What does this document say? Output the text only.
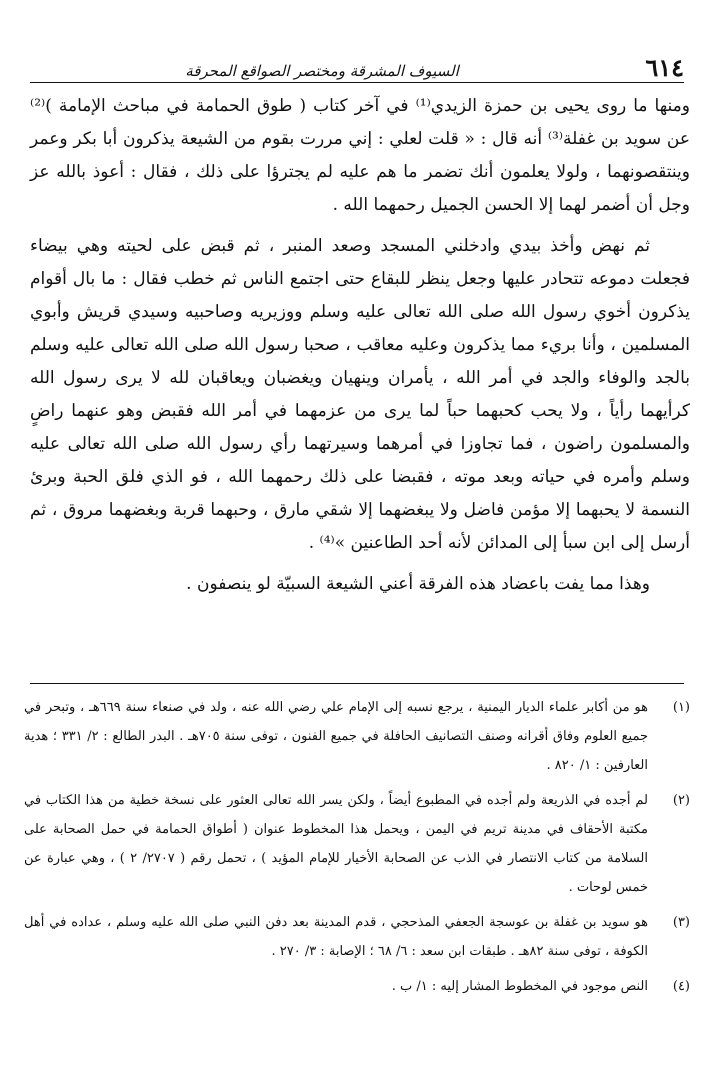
٦١٤
السيوف المشرقة ومختصر الصواقع المحرقة

ومنها ما روى يحيى بن حمزة الزيدي⁽¹⁾ في آخر كتاب ( طوق الحمامة في مباحث الإمامة )⁽²⁾ عن سويد بن غفلة⁽³⁾ أنه قال : « قلت لعلي : إني مررت بقوم من الشيعة يذكرون أبا بكر وعمر وينتقصونهما ، ولولا يعلمون أنك تضمر ما هم عليه لم يجترؤا على ذلك ، فقال : أعوذ بالله عز وجل أن أضمر لهما إلا الحسن الجميل رحمهما الله .

ثم نهض وأخذ بيدي وادخلني المسجد وصعد المنبر ، ثم قبض على لحيته وهي بيضاء فجعلت دموعه تتحادر عليها وجعل ينظر للبقاع حتى اجتمع الناس ثم خطب فقال : ما بال أقوام يذكرون أخوي رسول الله صلى الله تعالى عليه وسلم ووزيريه وصاحبيه وسيدي قريش وأبوي المسلمين ، وأنا بريء مما يذكرون وعليه معاقب ، صحبا رسول الله صلى الله تعالى عليه وسلم بالجد والوفاء والجد في أمر الله ، يأمران وينهيان ويغضبان ويعاقبان لله لا يرى رسول الله كرأيهما رأياً ، ولا يحب كحبهما حباً لما يرى من عزمهما في أمر الله فقبض وهو عنهما راضٍ والمسلمون راضون ، فما تجاوزا في أمرهما وسيرتهما رأي رسول الله صلى الله تعالى عليه وسلم وأمره في حياته وبعد موته ، فقبضا على ذلك رحمهما الله ، فو الذي فلق الحبة وبرئ النسمة لا يحبهما إلا مؤمن فاضل ولا يبغضهما إلا شقي مارق ، وحبهما قربة وبغضهما مروق ، ثم أرسل إلى ابن سبأ إلى المدائن لأنه أحد الطاعنين »⁽⁴⁾ .

وهذا مما يفت باعضاد هذه الفرقة أعني الشيعة السبيّة لو ينصفون .

(١)
هو من أكابر علماء الديار اليمنية ، يرجع نسبه إلى الإمام علي رضي الله عنه ، ولد في صنعاء سنة ٦٦٩هـ ، وتبحر في جميع العلوم وفاق أقرانه وصنف التصانيف الحافلة في جميع الفنون ، توفى سنة ٧٠٥هـ . البدر الطالع : ٢/ ٣٣١ ؛ هدية العارفين : ١/ ٨٢٠ .
(٢)
لم أجده في الذريعة ولم أجده في المطبوع أيضاً ، ولكن يسر الله تعالى العثور على نسخة خطية من هذا الكتاب في مكتبة الأحقاف في مدينة تريم في اليمن ، ويحمل هذا المخطوط عنوان ( أطواق الحمامة في حمل الصحابة على السلامة من كتاب الانتصار في الذب عن الصحابة الأخيار للإمام المؤيد ) ، تحمل رقم ( ٢٧٠٧/ ٢ ) ، وهي عبارة عن خمس لوحات .
(٣)
هو سويد بن غفلة بن عوسجة الجعفي المذحجي ، قدم المدينة بعد دفن النبي صلى الله عليه وسلم ، عداده في أهل الكوفة ، توفى سنة ٨٢هـ . طبقات ابن سعد : ٦/ ٦٨ ؛ الإصابة : ٣/ ٢٧٠ .
(٤)
النص موجود في المخطوط المشار إليه : ١/ ب .
